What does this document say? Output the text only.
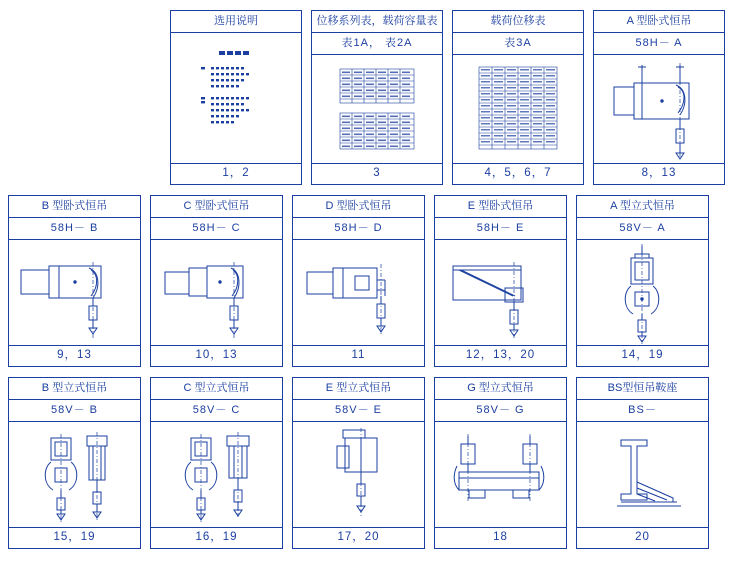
选用说明
1，2
位移系列表，载荷容量表
表1A， 表2A
3
载荷位移表
表3A
4，5，6，7
A 型卧式恒吊
58H－ A
8，13
B 型卧式恒吊
58H－ B
9，13
C 型卧式恒吊
58H－ C
10，13
D 型卧式恒吊
58H－ D
11
E 型卧式恒吊
58H－ E
12，13，20
A 型立式恒吊
58V－ A
14，19
B 型立式恒吊
58V－ B
15，19
C 型立式恒吊
58V－ C
16，19
E 型立式恒吊
58V－ E
17，20
G 型立式恒吊
58V－ G
18
BS型恒吊鞍座
BS－
20
